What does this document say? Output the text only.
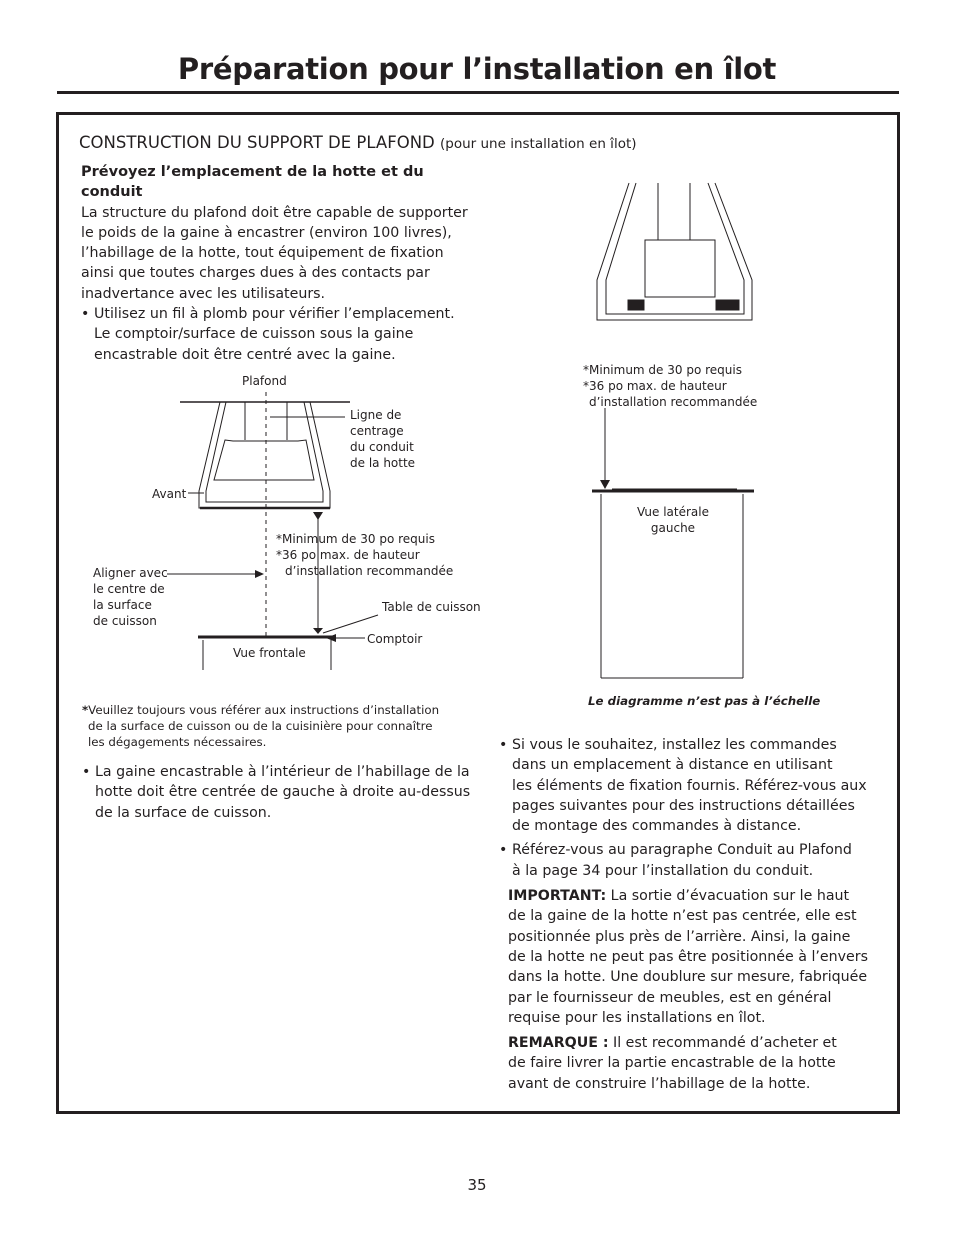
Préparation pour l’installation en îlot
CONSTRUCTION DU SUPPORT DE PLAFOND (pour une installation en îlot)

Prévoyez l’emplacement de la hotte et du conduit

La structure du plafond doit être capable de supporter

le poids de la gaine à encastrer (environ 100 livres),

l’habillage de la hotte, tout équipement de fixation

ainsi que toutes charges dues à des contacts par

inadvertance avec les utilisateurs.

• Utilisez un fil à plomb pour vérifier l’emplacement.

Le comptoir/surface de cuisson sous la gaine

encastrable doit être centré avec la gaine.

Plafond

Ligne de

centrage

du conduit

de la hotte

Avant

*Minimum de 30 po requis

*36 po max. de hauteur

d’installation recommandée

Aligner avec

le centre de

la surface

de cuisson

Table de cuisson
Comptoir
Vue frontale

*Veuillez toujours vous référer aux instructions d’installation

de la surface de cuisson ou de la cuisinière pour connaître

les dégagements nécessaires.

• La gaine encastrable à l’intérieur de l’habillage de la

hotte doit être centrée de gauche à droite au-dessus

de la surface de cuisson.

*Minimum de 30 po requis

*36 po max. de hauteur

d’installation recommandée

Vue latérale

gauche

Le diagramme n’est pas à l’échelle

• Si vous le souhaitez, installez les commandes

dans un emplacement à distance en utilisant

les éléments de fixation fournis. Référez-vous aux

pages suivantes pour des instructions détaillées

de montage des commandes à distance.

• Référez-vous au paragraphe Conduit au Plafond

à la page 34 pour l’installation du conduit.

IMPORTANT: La sortie d’évacuation sur le haut

de la gaine de la hotte n’est pas centrée, elle est

positionnée plus près de l’arrière. Ainsi, la gaine

de la hotte ne peut pas être positionnée à l’envers

dans la hotte. Une doublure sur mesure, fabriquée

par le fournisseur de meubles, est en général

requise pour les installations en îlot.

REMARQUE : Il est recommandé d’acheter et

de faire livrer la partie encastrable de la hotte

avant de construire l’habillage de la hotte.

35
